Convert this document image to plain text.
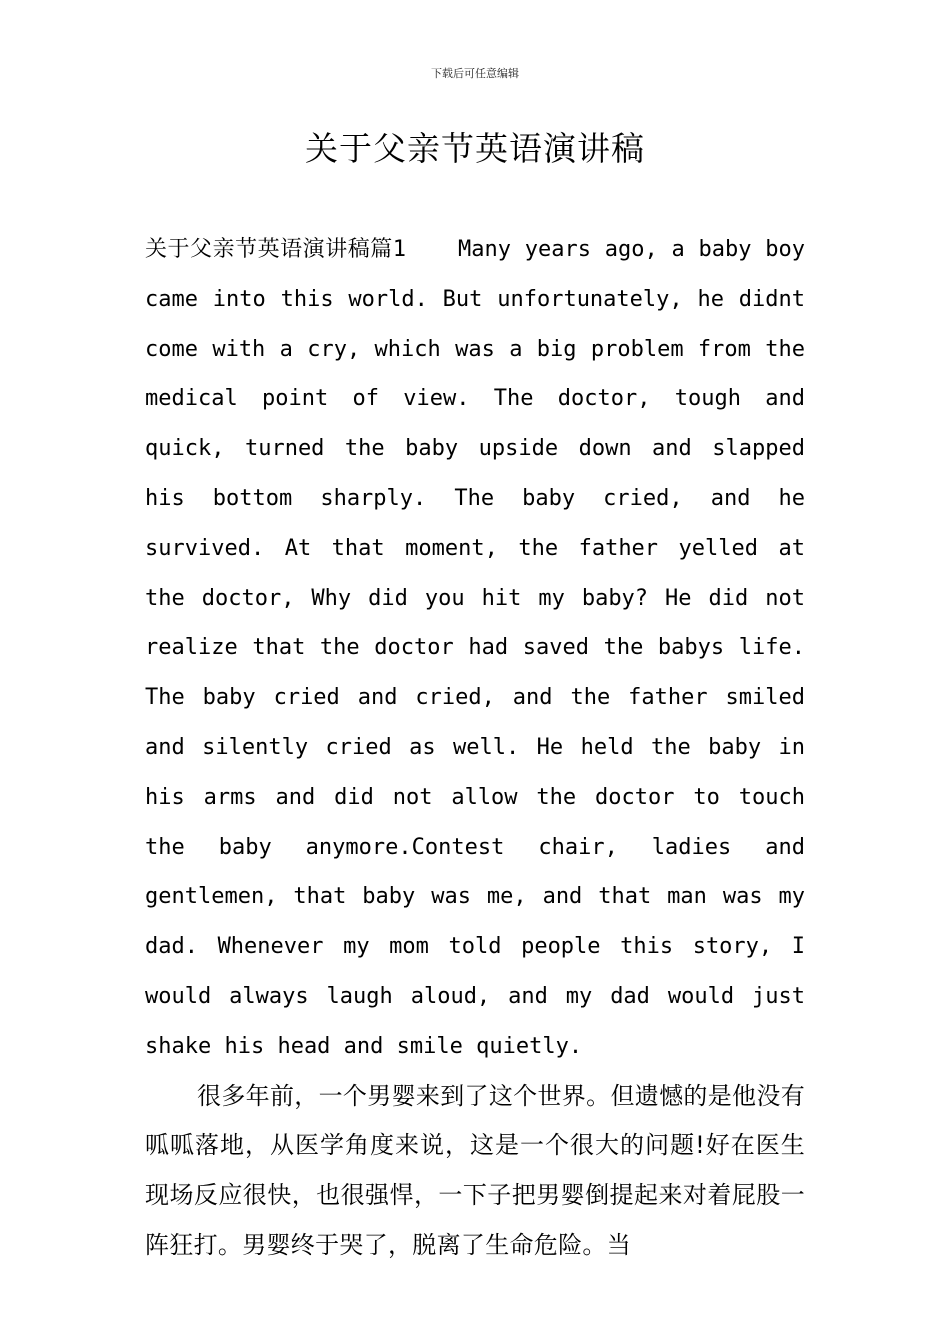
下载后可任意编辑
关于父亲节英语演讲稿

关于父亲节英语演讲稿篇1 Many years ago, a baby boy came into this world. But unfortunately, he didnt come with a cry, which was a big problem from the medical point of view. The doctor, tough and quick, turned the baby upside down and slapped his bottom sharply. The baby cried, and he survived. At that moment, the father yelled at the doctor, Why did you hit my baby? He did not realize that the doctor had saved the babys life. The baby cried and cried, and the father smiled and silently cried as well. He held the baby in his arms and did not allow the doctor to touch the baby anymore.Contest chair, ladies and gentlemen, that baby was me, and that man was my dad. Whenever my mom told people this story, I would always laugh aloud, and my dad would just shake his head and smile quietly.

很多年前，一个男婴来到了这个世界。但遗憾的是他没有呱呱落地，从医学角度来说，这是一个很大的问题!好在医生现场反应很快，也很强悍，一下子把男婴倒提起来对着屁股一阵狂打。男婴终于哭了，脱离了生命危险。当
